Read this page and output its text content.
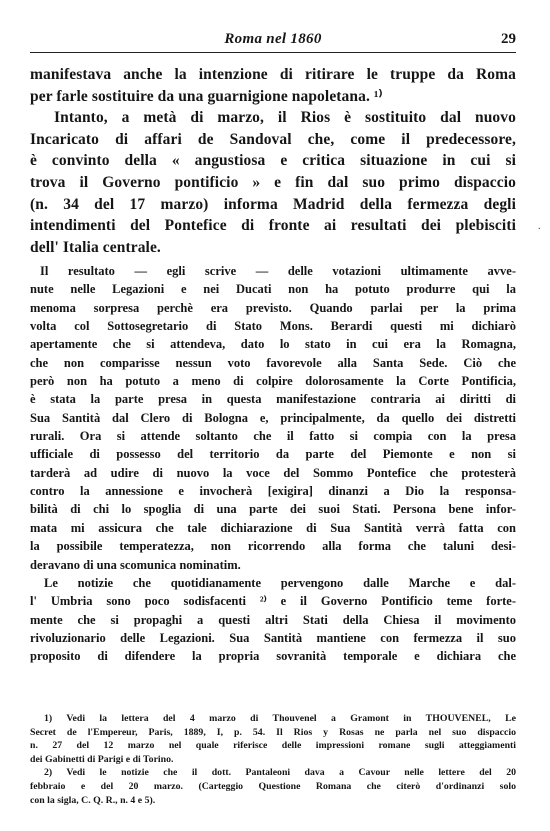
Roma nel 1860	29
manifestava anche la intenzione di ritirare le truppe da Roma
per farle sostituire da una guarnigione napoletana. ¹⁾
Intanto, a metà di marzo, il Rios è sostituito dal nuovo
Incaricato di affari de Sandoval che, come il predecessore,
è convinto della « angustiosa e critica situazione in cui si
trova il Governo pontificio » e fin dal suo primo dispaccio
(n. 34 del 17 marzo) informa Madrid della fermezza degli
intendimenti del Pontefice di fronte ai resultati dei plebisciti
dell' Italia centrale.
.
Il resultato — egli scrive — delle votazioni ultimamente avve-
nute nelle Legazioni e nei Ducati non ha potuto produrre qui la
menoma sorpresa perchè era previsto. Quando parlai per la prima
volta col Sottosegretario di Stato Mons. Berardi questi mi dichiarò
apertamente che si attendeva, dato lo stato in cui era la Romagna,
che non comparisse nessun voto favorevole alla Santa Sede. Ciò che
però non ha potuto a meno di colpire dolorosamente la Corte Pontificia,
è stata la parte presa in questa manifestazione contraria ai diritti di
Sua Santità dal Clero di Bologna e, principalmente, da quello dei distretti
rurali. Ora si attende soltanto che il fatto si compia con la presa
ufficiale di possesso del territorio da parte del Piemonte e non si
tarderà ad udire di nuovo la voce del Sommo Pontefice che protesterà
contro la annessione e invocherà [exigira] dinanzi a Dio la responsa-
bilità di chi lo spoglia di una parte dei suoi Stati. Persona bene infor-
mata mi assicura che tale dichiarazione di Sua Santità verrà fatta con
la possibile temperatezza, non ricorrendo alla forma che taluni desi-
deravano di una scomunica nominatim.
Le notizie che quotidianamente pervengono dalle Marche e dal-
l' Umbria sono poco sodisfacenti ²⁾ e il Governo Pontificio teme forte-
mente che si propaghi a questi altri Stati della Chiesa il movimento
rivoluzionario delle Legazioni. Sua Santità mantiene con fermezza il suo
proposito di difendere la propria sovranità temporale e dichiara che
1) Vedi la lettera del 4 marzo di Thouvenel a Gramont in THOUVENEL, Le
Secret de l'Empereur, Paris, 1889, I, p. 54. Il Rios y Rosas ne parla nel suo dispaccio
n. 27 del 12 marzo nel quale riferisce delle impressioni romane sugli atteggiamenti
dei Gabinetti di Parigi e di Torino.
2) Vedi le notizie che il dott. Pantaleoni dava a Cavour nelle lettere del 20
febbraio e del 20 marzo. (Carteggio Questione Romana che citerò d'ordinanzi solo
con la sigla, C. Q. R., n. 4 e 5).
